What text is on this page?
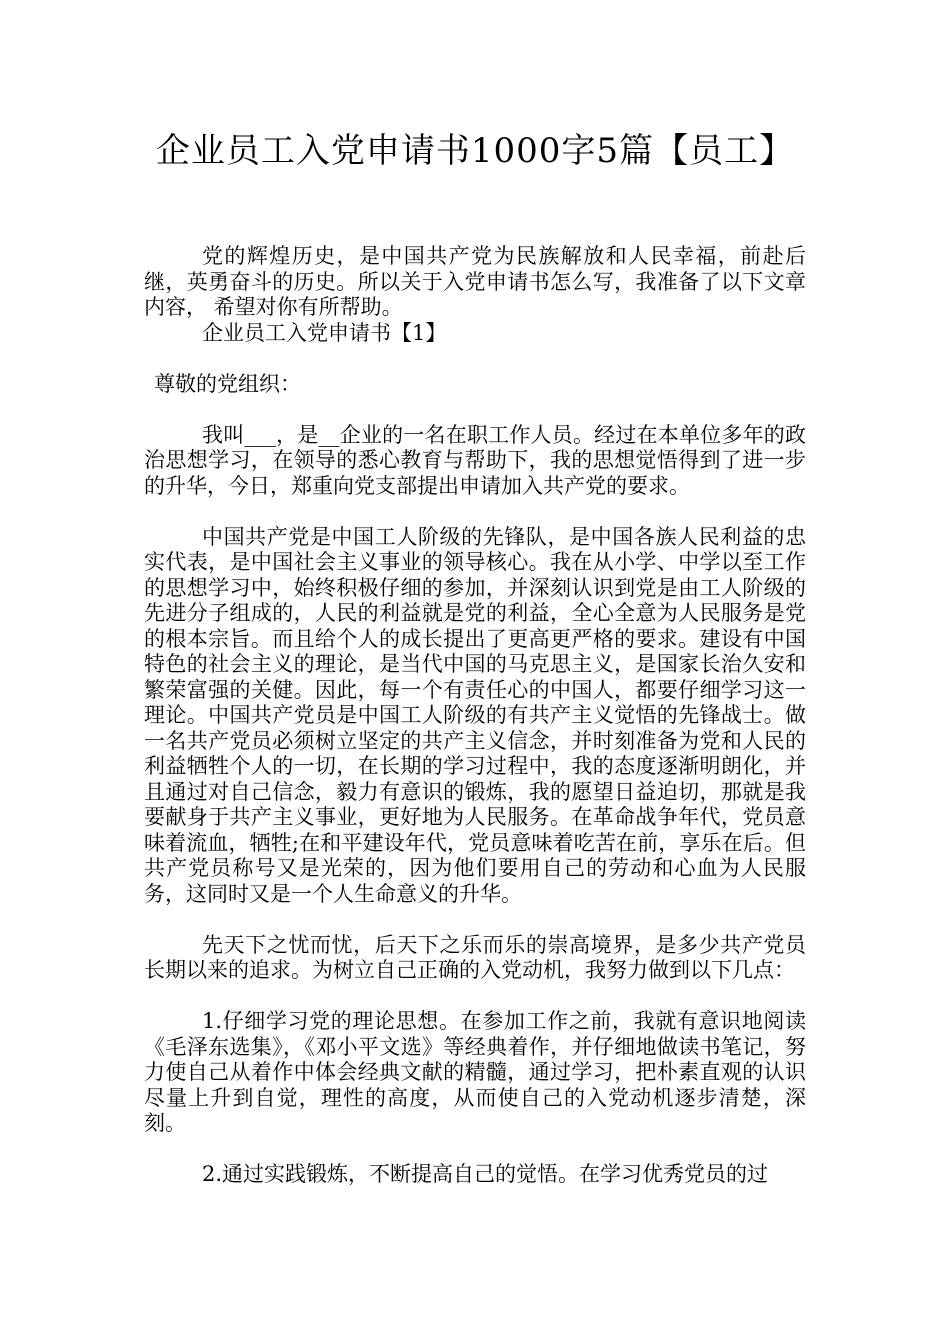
企业员工入党申请书1000字5篇【员工】

党的辉煌历史，是中国共产党为民族解放和人民幸福，前赴后继，英勇奋斗的历史。所以关于入党申请书怎么写，我准备了以下文章内容， 希望对你有所帮助。

企业员工入党申请书【1】

尊敬的党组织：

我叫___，是__企业的一名在职工作人员。经过在本单位多年的政治思想学习，在领导的悉心教育与帮助下，我的思想觉悟得到了进一步的升华，今日，郑重向党支部提出申请加入共产党的要求。

中国共产党是中国工人阶级的先锋队，是中国各族人民利益的忠实代表，是中国社会主义事业的领导核心。我在从小学、中学以至工作的思想学习中，始终积极仔细的参加，并深刻认识到党是由工人阶级的先进分子组成的，人民的利益就是党的利益，全心全意为人民服务是党的根本宗旨。而且给个人的成长提出了更高更严格的要求。建设有中国特色的社会主义的理论，是当代中国的马克思主义，是国家长治久安和繁荣富强的关健。因此，每一个有责任心的中国人，都要仔细学习这一理论。中国共产党员是中国工人阶级的有共产主义觉悟的先锋战士。做一名共产党员必须树立坚定的共产主义信念，并时刻准备为党和人民的利益牺牲个人的一切，在长期的学习过程中，我的态度逐渐明朗化，并且通过对自己信念，毅力有意识的锻炼，我的愿望日益迫切，那就是我要献身于共产主义事业，更好地为人民服务。在革命战争年代，党员意味着流血，牺牲;在和平建设年代，党员意味着吃苦在前，享乐在后。但共产党员称号又是光荣的，因为他们要用自己的劳动和心血为人民服务，这同时又是一个人生命意义的升华。

先天下之忧而忧，后天下之乐而乐的崇高境界，是多少共产党员长期以来的追求。为树立自己正确的入党动机，我努力做到以下几点：

1.仔细学习党的理论思想。在参加工作之前，我就有意识地阅读《毛泽东选集》，《邓小平文选》等经典着作，并仔细地做读书笔记，努力使自己从着作中体会经典文献的精髓，通过学习，把朴素直观的认识尽量上升到自觉，理性的高度，从而使自己的入党动机逐步清楚，深刻。

2.通过实践锻炼，不断提高自己的觉悟。在学习优秀党员的过
